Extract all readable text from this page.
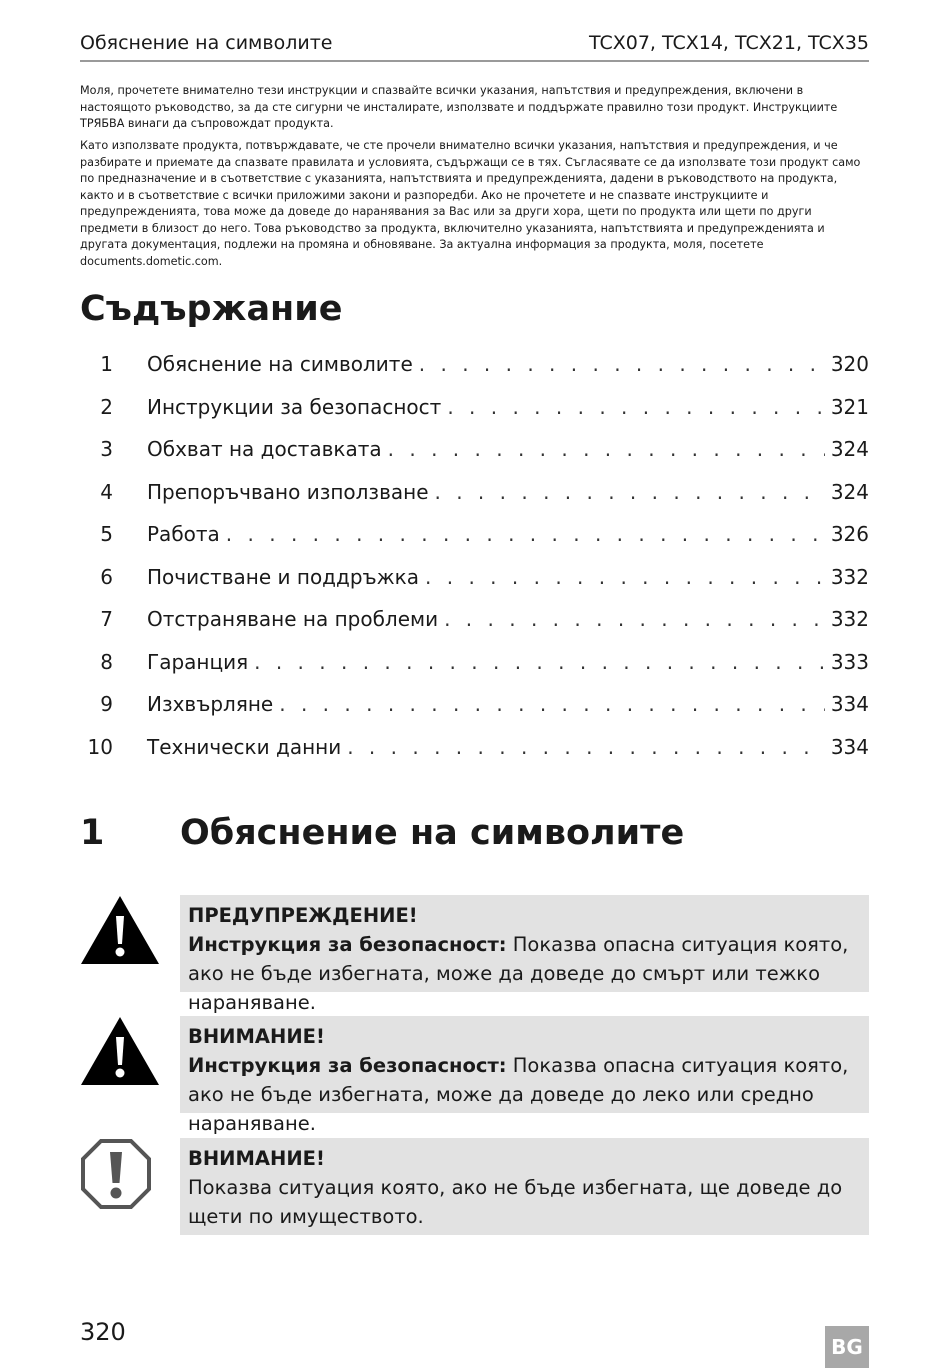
Обяснение на символите	TCX07, TCX14, TCX21, TCX35

Моля, прочетете внимателно тези инструкции и спазвайте всички указания, напътствия и предупреждения, включени в настоящото ръководство, за да сте сигурни че инсталирате, използвате и поддържате правилно този продукт. Инструкциите ТРЯБВА винаги да съпровождат продукта.

Като използвате продукта, потвърждавате, че сте прочели внимателно всички указания, напътствия и предупреждения, и че разбирате и приемате да спазвате правилата и условията, съдържащи се в тях. Съгласявате се да използвате този продукт само по предназначение и в съответствие с указанията, напътствията и предупрежденията, дадени в ръководството на продукта, както и в съответствие с всички приложими закони и разпоредби. Ако не прочетете и не спазвате инструкциите и предупрежденията, това може да доведе до наранявания за Вас или за други хора, щети по продукта или щети по други предмети в близост до него. Това ръководство за продукта, включително указанията, напътствията и предупрежденията и другата документация, подлежи на промяна и обновяване. За актуална информация за продукта, моля, посетете documents.dometic.com.

Съдържание
1 Обяснение на символите . . .	320
2 Инструкции за безопасност . . .	321
3 Обхват на доставката . . .	324
4 Препоръчвано използване . . .	324
5 Работа . . .	326
6 Почистване и поддръжка . . .	332
7 Отстраняване на проблеми . . .	332
8 Гаранция . . .	333
9 Изхвърляне . . .	334
10 Технически данни . . .	334
1 Обяснение на символите
ПРЕДУПРЕЖДЕНИЕ!
Инструкция за безопасност: Показва опасна ситуация която, ако не бъде избегната, може да доведе до смърт или тежко нараняване.
ВНИМАНИЕ!
Инструкция за безопасност: Показва опасна ситуация която, ако не бъде избегната, може да доведе до леко или средно нараняване.
ВНИМАНИЕ!
Показва ситуация която, ако не бъде избегната, ще доведе до щети по имуществото.
320
BG
